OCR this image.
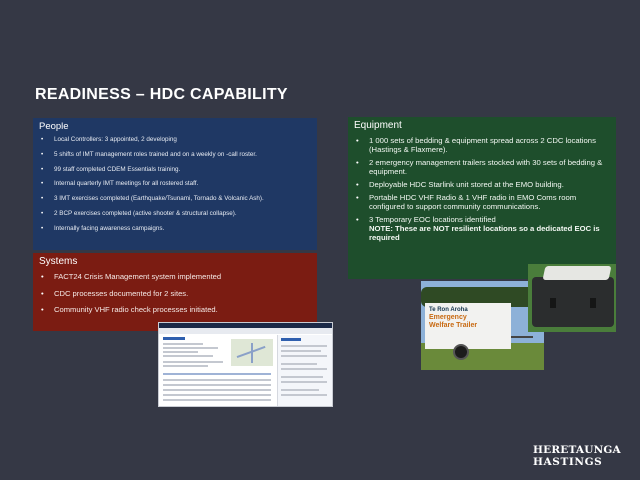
READINESS – HDC CAPABILITY
People
• Local Controllers: 3 appointed, 2 developing
• 5 shifts of IMT management roles trained and on a weekly on -call roster.
• 99 staff completed CDEM Essentials training.
• Internal quarterly IMT meetings for all rostered staff.
• 3 IMT exercises completed (Earthquake/Tsunami, Tornado & Volcanic Ash).
• 2 BCP exercises completed (active shooter & structural collapse).
• Internally facing awareness campaigns.
Systems
• FACT24 Crisis Management system implemented
• CDC processes documented for 2 sites.
• Community VHF radio check processes initiated.
Equipment
• 1 000 sets of bedding & equipment spread across 2 CDC locations (Hastings & Flaxmere).
• 2 emergency management trailers stocked with 30 sets of bedding & equipment.
• Deployable HDC Starlink unit stored at the EMO building.
• Portable HDC VHF Radio & 1 VHF radio in EMO Coms room configured to support community communications.
• 3 Temporary EOC locations identified
NOTE: These are NOT resilient locations so a dedicated EOC is required
Te Ron Aroha
Emergency
Welfare Trailer
HERETAUNGA
HASTINGS
